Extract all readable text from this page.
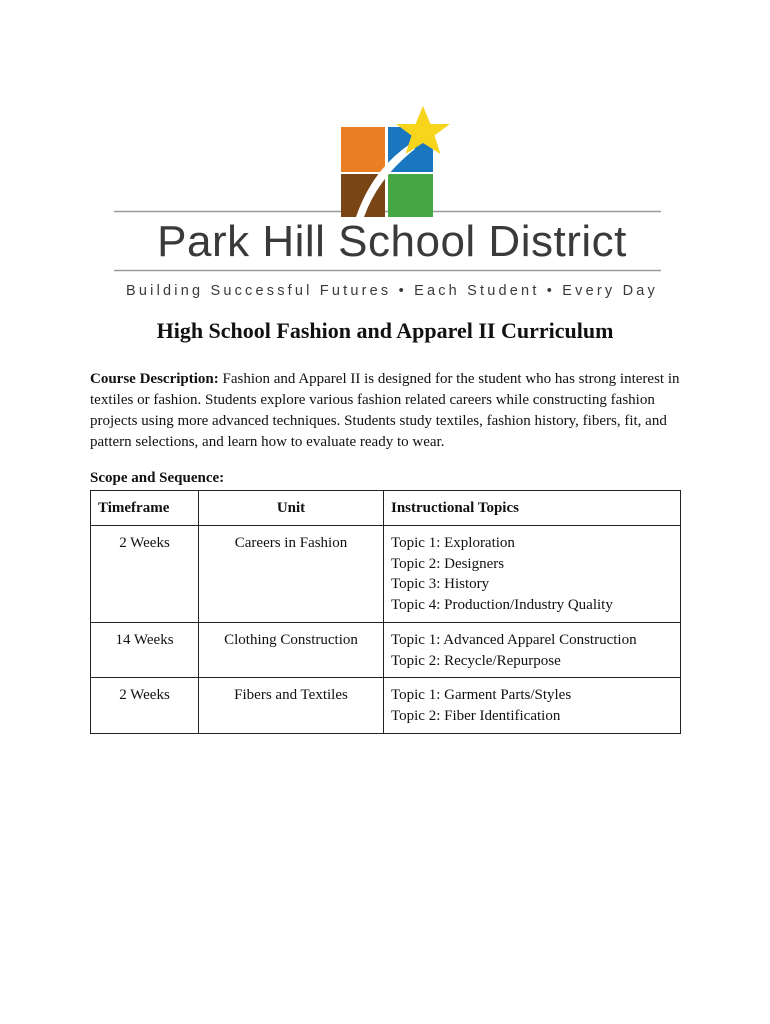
Park Hill School District

Building Successful Futures • Each Student • Every Day

High School Fashion and Apparel II Curriculum

Course Description: Fashion and Apparel II is designed for the student who has strong interest in textiles or fashion. Students explore various fashion related careers while constructing fashion projects using more advanced techniques. Students study textiles, fashion history, fibers, fit, and pattern selections, and learn how to evaluate ready to wear.

Scope and Sequence:

Timeframe	Unit	Instructional Topics
2 Weeks	Careers in Fashion	Topic 1: Exploration
Topic 2: Designers
Topic 3: History
Topic 4: Production/Industry Quality

14 Weeks	Clothing Construction	Topic 1: Advanced Apparel Construction
Topic 2: Recycle/Repurpose

2 Weeks	Fibers and Textiles	Topic 1: Garment Parts/Styles
Topic 2: Fiber Identification
